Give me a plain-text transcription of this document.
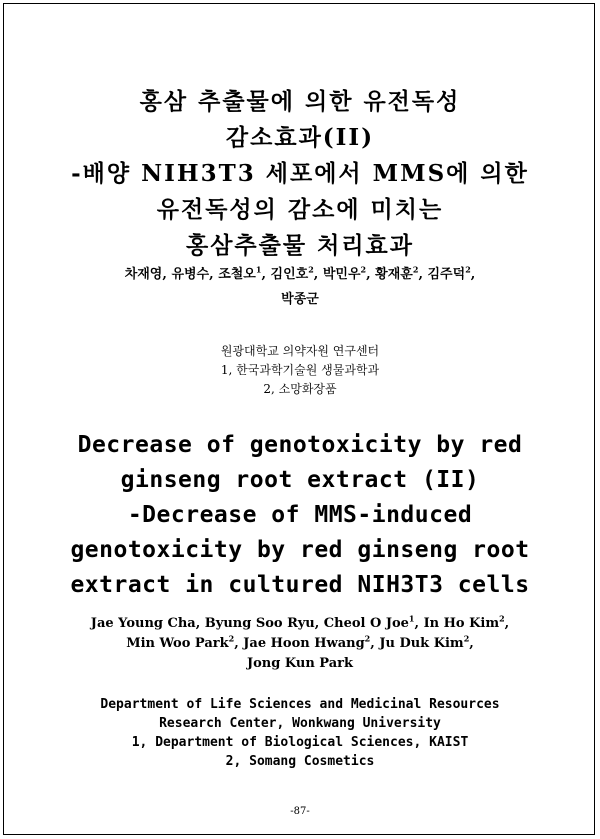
홍삼 추출물에 의한 유전독성
감소효과(II)
-배양 NIH3T3 세포에서 MMS에 의한
유전독성의 감소에 미치는
홍삼추출물 처리효과
차재영, 유병수, 조철오$^1$, 김인호$^2$, 박민우$^2$, 황재훈$^2$, 김주덕$^2$,
박종군
원광대학교 의약자원 연구센터
1, 한국과학기술원 생물과학과
2, 소망화장품
Decrease of genotoxicity by red
ginseng root extract (II)
-Decrease of MMS-induced
genotoxicity by red ginseng root
extract in cultured NIH3T3 cells
Jae Young Cha, Byung Soo Ryu, Cheol O Joe$^1$, In Ho Kim$^2$,
Min Woo Park$^2$, Jae Hoon Hwang$^2$, Ju Duk Kim$^2$,
Jong Kun Park
Department of Life Sciences and Medicinal Resources
Research Center, Wonkwang University
1, Department of Biological Sciences, KAIST
2, Somang Cosmetics
-87-
